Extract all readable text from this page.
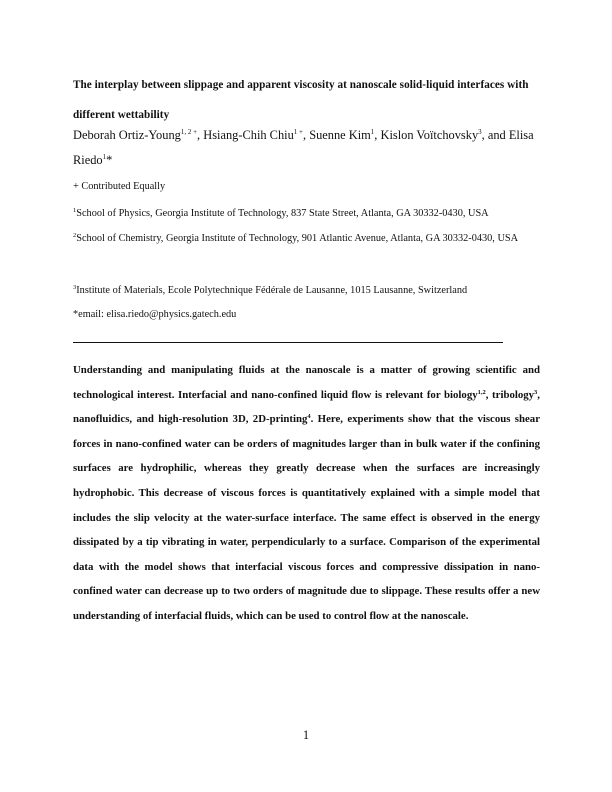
The interplay between slippage and apparent viscosity at nanoscale solid-liquid interfaces with different wettability
Deborah Ortiz-Young$^{1, 2 +}$, Hsiang-Chih Chiu$^{1 +}$, Suenne Kim$^1$, Kislon Voïtchovsky$^3$, and Elisa Riedo$^1$*
+ Contributed Equally
$^1$School of Physics, Georgia Institute of Technology, 837 State Street, Atlanta, GA 30332-0430, USA
$^2$School of Chemistry, Georgia Institute of Technology, 901 Atlantic Avenue, Atlanta, GA 30332-0430, USA
$^3$Institute of Materials, Ecole Polytechnique Fédérale de Lausanne, 1015 Lausanne, Switzerland
*email: elisa.riedo@physics.gatech.edu
Understanding and manipulating fluids at the nanoscale is a matter of growing scientific and technological interest. Interfacial and nano-confined liquid flow is relevant for biology$^{1,2}$, tribology$^3$, nanofluidics, and high-resolution 3D, 2D-printing$^4$. Here, experiments show that the viscous shear forces in nano-confined water can be orders of magnitudes larger than in bulk water if the confining surfaces are hydrophilic, whereas they greatly decrease when the surfaces are increasingly hydrophobic. This decrease of viscous forces is quantitatively explained with a simple model that includes the slip velocity at the water-surface interface. The same effect is observed in the energy dissipated by a tip vibrating in water, perpendicularly to a surface. Comparison of the experimental data with the model shows that interfacial viscous forces and compressive dissipation in nano-confined water can decrease up to two orders of magnitude due to slippage. These results offer a new understanding of interfacial fluids, which can be used to control flow at the nanoscale.
1
